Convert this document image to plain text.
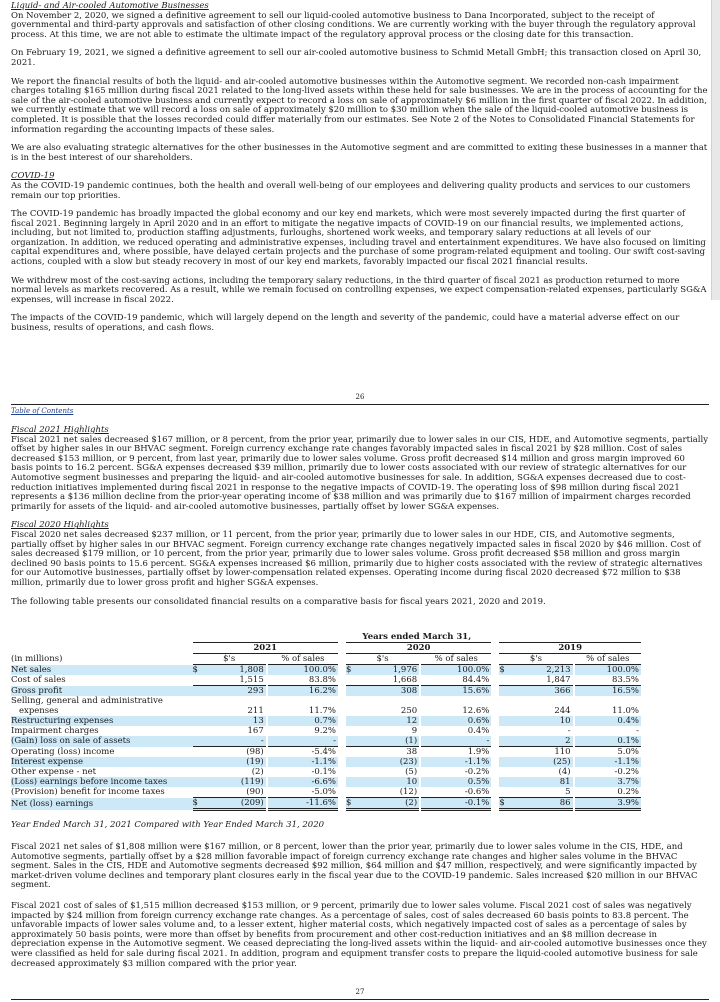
Liquid- and Air-cooled Automotive Businesses

On November 2, 2020, we signed a definitive agreement to sell our liquid-cooled automotive business to Dana Incorporated, subject to the receipt of governmental and third-party approvals and satisfaction of other closing conditions. We are currently working with the buyer through the regulatory approval process. At this time, we are not able to estimate the ultimate impact of the regulatory approval process or the closing date for this transaction.

On February 19, 2021, we signed a definitive agreement to sell our air-cooled automotive business to Schmid Metall GmbH; this transaction closed on April 30, 2021.

We report the financial results of both the liquid- and air-cooled automotive businesses within the Automotive segment. We recorded non-cash impairment charges totaling $165 million during fiscal 2021 related to the long-lived assets within these held for sale businesses. We are in the process of accounting for the sale of the air-cooled automotive business and currently expect to record a loss on sale of approximately $6 million in the first quarter of fiscal 2022. In addition, we currently estimate that we will record a loss on sale of approximately $20 million to $30 million when the sale of the liquid-cooled automotive business is completed. It is possible that the losses recorded could differ materially from our estimates. See Note 2 of the Notes to Consolidated Financial Statements for information regarding the accounting impacts of these sales.

We are also evaluating strategic alternatives for the other businesses in the Automotive segment and are committed to exiting these businesses in a manner that is in the best interest of our shareholders.

COVID-19

As the COVID-19 pandemic continues, both the health and overall well-being of our employees and delivering quality products and services to our customers remain our top priorities.

The COVID-19 pandemic has broadly impacted the global economy and our key end markets, which were most severely impacted during the first quarter of fiscal 2021. Beginning largely in April 2020 and in an effort to mitigate the negative impacts of COVID-19 on our financial results, we implemented actions, including, but not limited to, production staffing adjustments, furloughs, shortened work weeks, and temporary salary reductions at all levels of our organization. In addition, we reduced operating and administrative expenses, including travel and entertainment expenditures. We have also focused on limiting capital expenditures and, where possible, have delayed certain projects and the purchase of some program-related equipment and tooling. Our swift cost-saving actions, coupled with a slow but steady recovery in most of our key end markets, favorably impacted our fiscal 2021 financial results.

We withdrew most of the cost-saving actions, including the temporary salary reductions, in the third quarter of fiscal 2021 as production returned to more normal levels as markets recovered. As a result, while we remain focused on controlling expenses, we expect compensation-related expenses, particularly SG&A expenses, will increase in fiscal 2022.

The impacts of the COVID-19 pandemic, which will largely depend on the length and severity of the pandemic, could have a material adverse effect on our business, results of operations, and cash flows.

26
Table of Contents

Fiscal 2021 Highlights

Fiscal 2021 net sales decreased $167 million, or 8 percent, from the prior year, primarily due to lower sales in our CIS, HDE, and Automotive segments, partially offset by higher sales in our BHVAC segment. Foreign currency exchange rate changes favorably impacted sales in fiscal 2021 by $28 million. Cost of sales decreased $153 million, or 9 percent, from last year, primarily due to lower sales volume. Gross profit decreased $14 million and gross margin improved 60 basis points to 16.2 percent. SG&A expenses decreased $39 million, primarily due to lower costs associated with our review of strategic alternatives for our Automotive segment businesses and preparing the liquid- and air-cooled automotive businesses for sale. In addition, SG&A expenses decreased due to cost-reduction initiatives implemented during fiscal 2021 in response to the negative impacts of COVID-19. The operating loss of $98 million during fiscal 2021 represents a $136 million decline from the prior-year operating income of $38 million and was primarily due to $167 million of impairment charges recorded primarily for assets of the liquid- and air-cooled automotive businesses, partially offset by lower SG&A expenses.

Fiscal 2020 Highlights

Fiscal 2020 net sales decreased $237 million, or 11 percent, from the prior year, primarily due to lower sales in our HDE, CIS, and Automotive segments, partially offset by higher sales in our BHVAC segment. Foreign currency exchange rate changes negatively impacted sales in fiscal 2020 by $46 million. Cost of sales decreased $179 million, or 10 percent, from the prior year, primarily due to lower sales volume. Gross profit decreased $58 million and gross margin declined 90 basis points to 15.6 percent. SG&A expenses increased $6 million, primarily due to higher costs associated with the review of strategic alternatives for our Automotive businesses, partially offset by lower-compensation related expenses. Operating income during fiscal 2020 decreased $72 million to $38 million, primarily due to lower gross profit and higher SG&A expenses.

The following table presents our consolidated financial results on a comparative basis for fiscal years 2021, 2020 and 2019.

		Years ended March 31,													
		2021					2020					2019			
(in millions)		$'s			% of sales		$'s			% of sales		$'s			% of sales
Net sales		$	1,808		100.0%		$	1,976		100.0%		$	2,213		100.0%
Cost of sales			1,515		83.8%			1,668		84.4%			1,847		83.5%
Gross profit			293		16.2%			308		15.6%			366		16.5%
Selling, general and administrative															
expenses			211		11.7%			250		12.6%			244		11.0%
Restructuring expenses			13		0.7%			12		0.6%			10		0.4%
Impairment charges			167		9.2%			9		0.4%			-		-
(Gain) loss on sale of assets			-		-			(1)		-			2		0.1%
Operating (loss) income			(98)		-5.4%			38		1.9%			110		5.0%
Interest expense			(19)		-1.1%			(23)		-1.1%			(25)		-1.1%
Other expense - net			(2)		-0.1%			(5)		-0.2%			(4)		-0.2%
(Loss) earnings before income taxes			(119)		-6.6%			10		0.5%			81		3.7%
(Provision) benefit for income taxes			(90)		-5.0%			(12)		-0.6%			5		0.2%
Net (loss) earnings		$	(209)		-11.6%		$	(2)		-0.1%		$	86		3.9%

Year Ended March 31, 2021 Compared with Year Ended March 31, 2020

Fiscal 2021 net sales of $1,808 million were $167 million, or 8 percent, lower than the prior year, primarily due to lower sales volume in the CIS, HDE, and Automotive segments, partially offset by a $28 million favorable impact of foreign currency exchange rate changes and higher sales volume in the BHVAC segment. Sales in the CIS, HDE and Automotive segments decreased $92 million, $64 million and $47 million, respectively, and were significantly impacted by market-driven volume declines and temporary plant closures early in the fiscal year due to the COVID-19 pandemic. Sales increased $20 million in our BHVAC segment.

Fiscal 2021 cost of sales of $1,515 million decreased $153 million, or 9 percent, primarily due to lower sales volume. Fiscal 2021 cost of sales was negatively impacted by $24 million from foreign currency exchange rate changes. As a percentage of sales, cost of sales decreased 60 basis points to 83.8 percent. The unfavorable impacts of lower sales volume and, to a lesser extent, higher material costs, which negatively impacted cost of sales as a percentage of sales by approximately 50 basis points, were more than offset by benefits from procurement and other cost-reduction initiatives and an $8 million decrease in depreciation expense in the Automotive segment. We ceased depreciating the long-lived assets within the liquid- and air-cooled automotive businesses once they were classified as held for sale during fiscal 2021. In addition, program and equipment transfer costs to prepare the liquid-cooled automotive business for sale decreased approximately $3 million compared with the prior year.

27
